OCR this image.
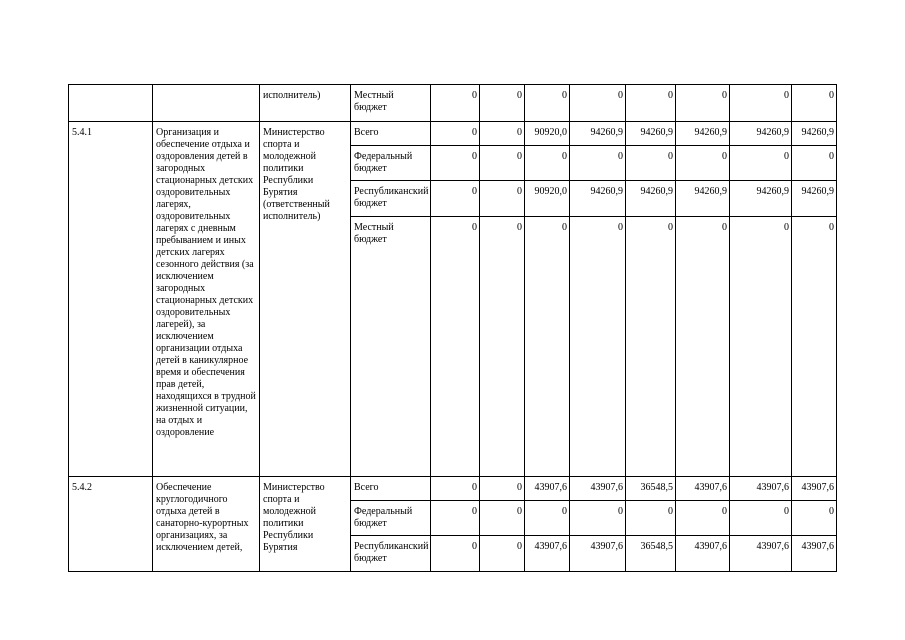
		исполнитель)	Местный бюджет	0	0	0	0	0	0	0	0
5.4.1	Организация и обеспечение отдыха и оздоровления детей в загородных стационарных детских оздоровительных лагерях, оздоровительных лагерях с дневным пребыванием и иных детских лагерях сезонного действия (за исключением загородных стационарных детских оздоровительных лагерей), за исключением организации отдыха детей в каникулярное время и обеспечения прав детей, находящихся в трудной жизненной ситуации, на отдых и оздоровление	Министерство спорта и молодежной политики Республики Бурятия (ответственный исполнитель)	Всего	0	0	90920,0	94260,9	94260,9	94260,9	94260,9	94260,9
			Федеральный бюджет	0	0	0	0	0	0	0	0
			Республиканский бюджет	0	0	90920,0	94260,9	94260,9	94260,9	94260,9	94260,9
			Местный бюджет	0	0	0	0	0	0	0	0
5.4.2	Обеспечение круглогодичного отдыха детей в санаторно-курортных организациях, за исключением детей,	Министерство спорта и молодежной политики Республики Бурятия	Всего	0	0	43907,6	43907,6	36548,5	43907,6	43907,6	43907,6
			Федеральный бюджет	0	0	0	0	0	0	0	0
			Республиканский бюджет	0	0	43907,6	43907,6	36548,5	43907,6	43907,6	43907,6
